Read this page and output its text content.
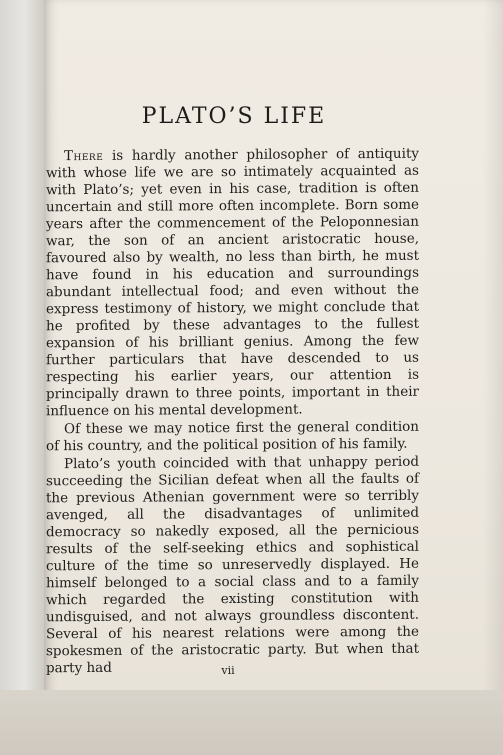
PLATO’S LIFE

There is hardly another philosopher of antiquity with whose life we are so intimately acquainted as with Plato’s; yet even in his case, tradition is often uncertain and still more often incomplete. Born some years after the commencement of the Peloponnesian war, the son of an ancient aristocratic house, favoured also by wealth, no less than birth, he must have found in his education and surroundings abundant intellectual food; and even without the express testimony of history, we might conclude that he profited by these advantages to the fullest expansion of his brilliant genius. Among the few further particulars that have descended to us respecting his earlier years, our attention is principally drawn to three points, important in their influence on his mental development.

Of these we may notice first the general condition of his country, and the political position of his family.

Plato’s youth coincided with that unhappy period succeeding the Sicilian defeat when all the faults of the previous Athenian government were so terribly avenged, all the disadvantages of unlimited democracy so nakedly exposed, all the pernicious results of the self-seeking ethics and sophistical culture of the time so unreservedly displayed. He himself belonged to a social class and to a family which regarded the existing constitution with undisguised, and not always groundless discontent. Several of his nearest relations were among the spokesmen of the aristocratic party. But when that party had	vii
